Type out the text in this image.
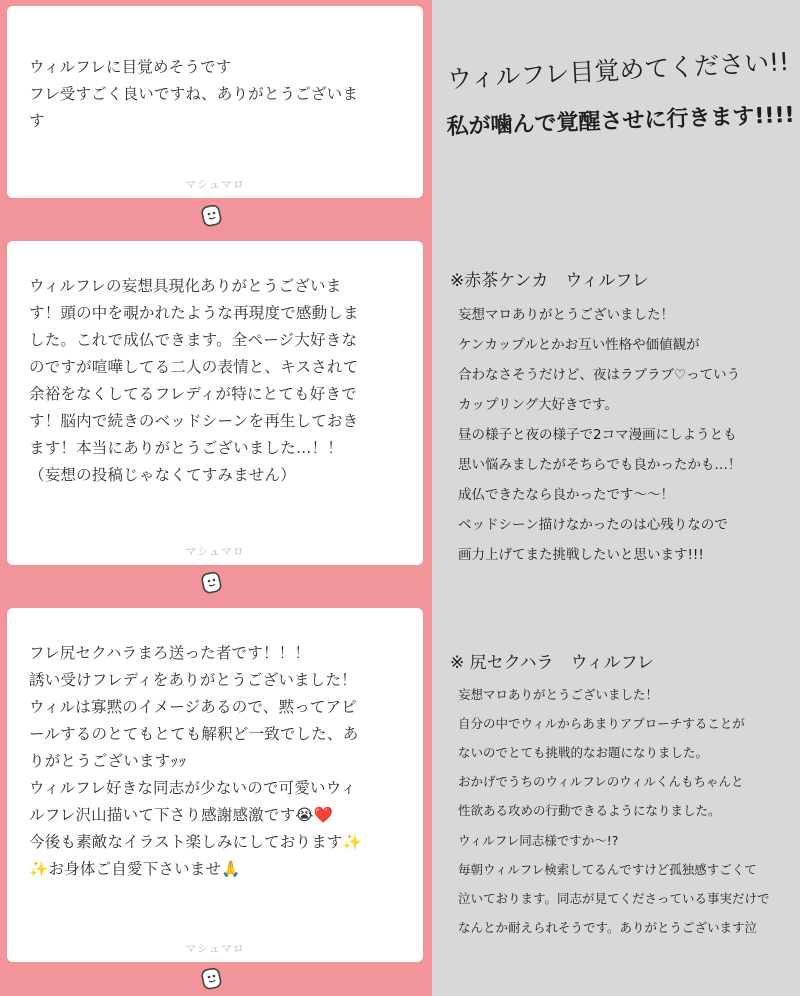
ウィルフレに目覚めそうです
フレ受すごく良いですね、ありがとうございま
す
マシュマロ
ウィルフレの妄想具現化ありがとうございま
す！頭の中を覗かれたような再現度で感動しま
した。これで成仏できます。全ページ大好きな
のですが喧嘩してる二人の表情と、キスされて
余裕をなくしてるフレディが特にとても好きで
す！脳内で続きのベッドシーンを再生しておき
ます！本当にありがとうございました…！！
（妄想の投稿じゃなくてすみません）
マシュマロ
フレ尻セクハラまろ送った者です！！！
誘い受けフレディをありがとうございました！
ウィルは寡黙のイメージあるので、黙ってアピ
ールするのとてもとても解釈ど一致でした、あ
りがとうございますｯｯ
ウィルフレ好きな同志が少ないので可愛いウィ
ルフレ沢山描いて下さり感謝感激です😭❤️
今後も素敵なイラスト楽しみにしております✨
✨お身体ご自愛下さいませ🙏
マシュマロ
ウィルフレ目覚めてください!!
私が噛んで覚醒させに行きます!!!!
※赤茶ケンカ　ウィルフレ
妄想マロありがとうございました！
ケンカップルとかお互い性格や価値観が
合わなさそうだけど、夜はラブラブ♡っていう
カップリング大好きです。
昼の様子と夜の様子で2コマ漫画にしようとも
思い悩みましたがそちらでも良かったかも…！
成仏できたなら良かったです〜〜！
ベッドシーン描けなかったのは心残りなので
画力上げてまた挑戦したいと思います!!!
※ 尻セクハラ　ウィルフレ
妄想マロありがとうございました！
自分の中でウィルからあまりアプローチすることが
ないのでとても挑戦的なお題になりました。
おかげでうちのウィルフレのウィルくんもちゃんと
性欲ある攻めの行動できるようになりました。
ウィルフレ同志様ですか〜!?
毎朝ウィルフレ検索してるんですけど孤独感すごくて
泣いております。同志が見てくださっている事実だけで
なんとか耐えられそうです。ありがとうございます泣
